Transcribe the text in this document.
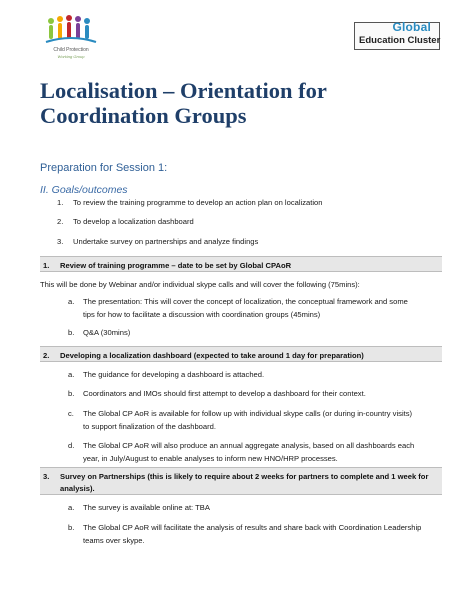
Child Protection
Working Group
Global
Education Cluster
Localisation – Orientation for
Coordination Groups
Preparation for Session 1:
II. Goals/outcomes
1.	To review the training programme to develop an action plan on localization
2.	To develop a localization dashboard
3.	Undertake survey on partnerships and analyze findings
1. Review of training programme – date to be set by Global CPAoR
This will be done by Webinar and/or individual skype calls and will cover the following (75mins):
a.	The presentation: This will cover the concept of localization, the conceptual framework and some
tips for how to facilitate a discussion with coordination groups (45mins)
b.	Q&A (30mins)
2. Developing a localization dashboard (expected to take around 1 day for preparation)
a.	The guidance for developing a dashboard is attached.
b.	Coordinators and IMOs should first attempt to develop a dashboard for their context.
c.	The Global CP AoR is available for follow up with individual skype calls (or during in-country visits)
to support finalization of the dashboard.
d.	The Global CP AoR will also produce an annual aggregate analysis, based on all dashboards each
year, in July/August to enable analyses to inform new HNO/HRP processes.
3. Survey on Partnerships (this is likely to require about 2 weeks for partners to complete and 1 week for
analysis).
a.	The survey is available online at: TBA
b.	The Global CP AoR will facilitate the analysis of results and share back with Coordination Leadership
teams over skype.
